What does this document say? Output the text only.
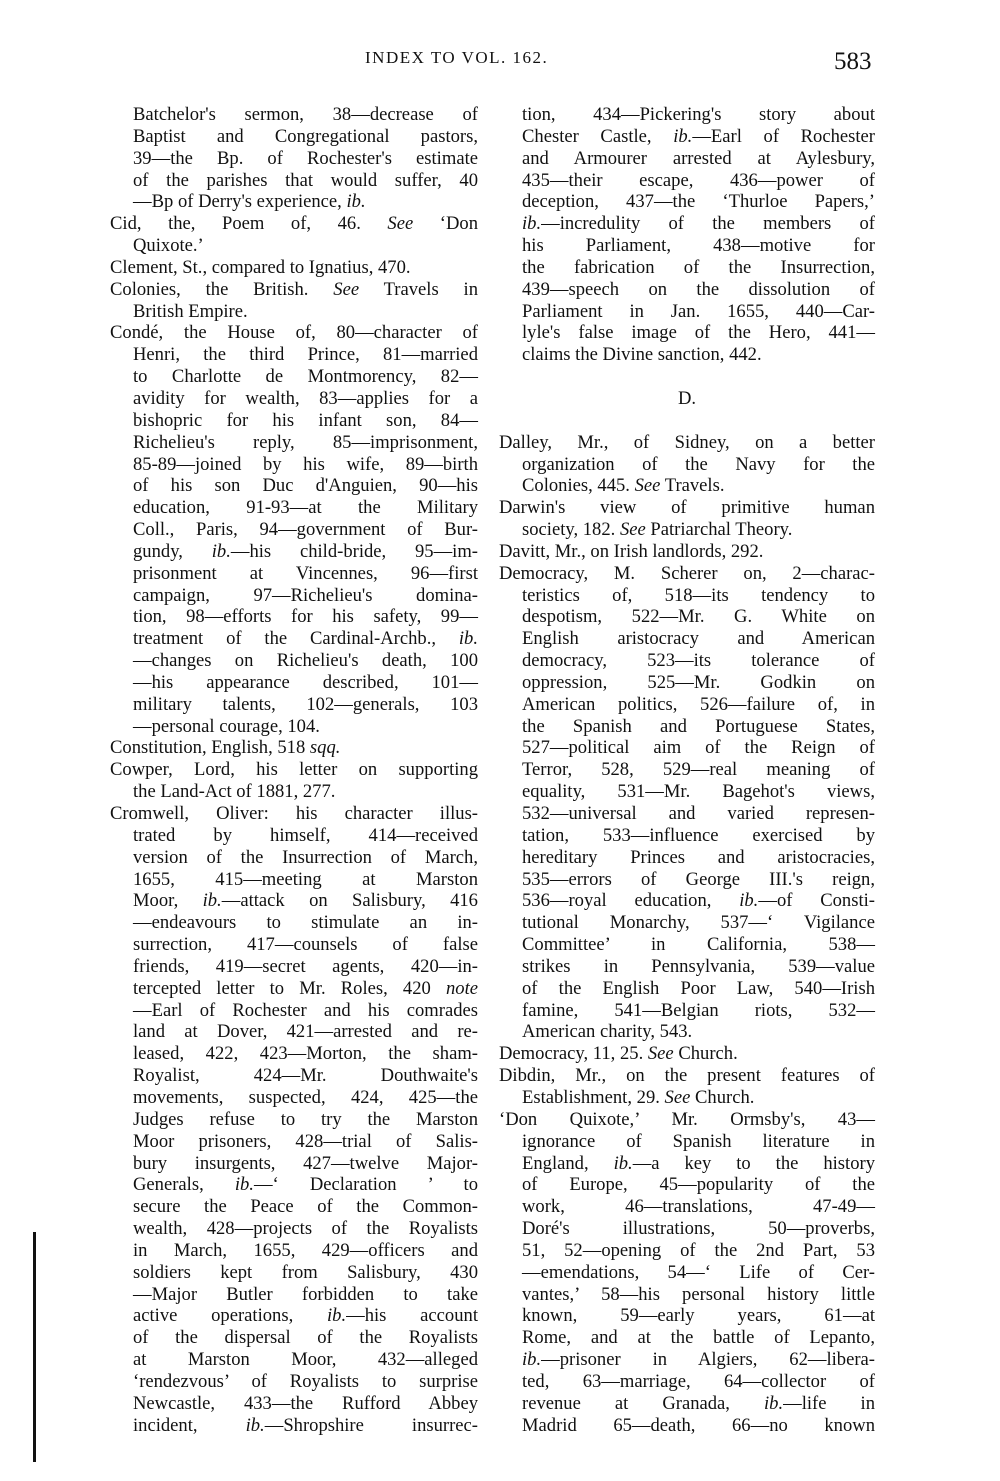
INDEX TO VOL. 162.	583
Batchelor's sermon, 38—decrease of
Baptist and Congregational pastors,
39—the Bp. of Rochester's estimate
of the parishes that would suffer, 40
—Bp of Derry's experience, ib.
Cid, the, Poem of, 46. See ‘Don
Quixote.’
Clement, St., compared to Ignatius, 470.
Colonies, the British. See Travels in
British Empire.
Condé, the House of, 80—character of
Henri, the third Prince, 81—married
to Charlotte de Montmorency, 82—
avidity for wealth, 83—applies for a
bishopric for his infant son, 84—
Richelieu's reply, 85—imprisonment,
85-89—joined by his wife, 89—birth
of his son Duc d'Anguien, 90—his
education, 91-93—at the Military
Coll., Paris, 94—government of Bur-
gundy, ib.—his child-bride, 95—im-
prisonment at Vincennes, 96—first
campaign, 97—Richelieu's domina-
tion, 98—efforts for his safety, 99—
treatment of the Cardinal-Archb., ib.
—changes on Richelieu's death, 100
—his appearance described, 101—
military talents, 102—generals, 103
—personal courage, 104.
Constitution, English, 518 sqq.
Cowper, Lord, his letter on supporting
the Land-Act of 1881, 277.
Cromwell, Oliver: his character illus-
trated by himself, 414—received
version of the Insurrection of March,
1655, 415—meeting at Marston
Moor, ib.—attack on Salisbury, 416
—endeavours to stimulate an in-
surrection, 417—counsels of false
friends, 419—secret agents, 420—in-
tercepted letter to Mr. Roles, 420 note
—Earl of Rochester and his comrades
land at Dover, 421—arrested and re-
leased, 422, 423—Morton, the sham-
Royalist, 424—Mr. Douthwaite's
movements, suspected, 424, 425—the
Judges refuse to try the Marston
Moor prisoners, 428—trial of Salis-
bury insurgents, 427—twelve Major-
Generals, ib.—‘ Declaration ’ to
secure the Peace of the Common-
wealth, 428—projects of the Royalists
in March, 1655, 429—officers and
soldiers kept from Salisbury, 430
—Major Butler forbidden to take
active operations, ib.—his account
of the dispersal of the Royalists
at Marston Moor, 432—alleged
‘rendezvous’ of Royalists to surprise
Newcastle, 433—the Rufford Abbey
incident, ib.—Shropshire insurrec-
tion, 434—Pickering's story about
Chester Castle, ib.—Earl of Rochester
and Armourer arrested at Aylesbury,
435—their escape, 436—power of
deception, 437—the ‘Thurloe Papers,’
ib.—incredulity of the members of
his Parliament, 438—motive for
the fabrication of the Insurrection,
439—speech on the dissolution of
Parliament in Jan. 1655, 440—Car-
lyle's false image of the Hero, 441—
claims the Divine sanction, 442.
D.
Dalley, Mr., of Sidney, on a better
organization of the Navy for the
Colonies, 445. See Travels.
Darwin's view of primitive human
society, 182. See Patriarchal Theory.
Davitt, Mr., on Irish landlords, 292.
Democracy, M. Scherer on, 2—charac-
teristics of, 518—its tendency to
despotism, 522—Mr. G. White on
English aristocracy and American
democracy, 523—its tolerance of
oppression, 525—Mr. Godkin on
American politics, 526—failure of, in
the Spanish and Portuguese States,
527—political aim of the Reign of
Terror, 528, 529—real meaning of
equality, 531—Mr. Bagehot's views,
532—universal and varied represen-
tation, 533—influence exercised by
hereditary Princes and aristocracies,
535—errors of George III.'s reign,
536—royal education, ib.—of Consti-
tutional Monarchy, 537—‘ Vigilance
Committee’ in California, 538—
strikes in Pennsylvania, 539—value
of the English Poor Law, 540—Irish
famine, 541—Belgian riots, 532—
American charity, 543.
Democracy, 11, 25. See Church.
Dibdin, Mr., on the present features of
Establishment, 29. See Church.
‘Don Quixote,’ Mr. Ormsby's, 43—
ignorance of Spanish literature in
England, ib.—a key to the history
of Europe, 45—popularity of the
work, 46—translations, 47-49—
Doré's illustrations, 50—proverbs,
51, 52—opening of the 2nd Part, 53
—emendations, 54—‘ Life of Cer-
vantes,’ 58—his personal history little
known, 59—early years, 61—at
Rome, and at the battle of Lepanto,
ib.—prisoner in Algiers, 62—libera-
ted, 63—marriage, 64—collector of
revenue at Granada, ib.—life in
Madrid 65—death, 66—no known
